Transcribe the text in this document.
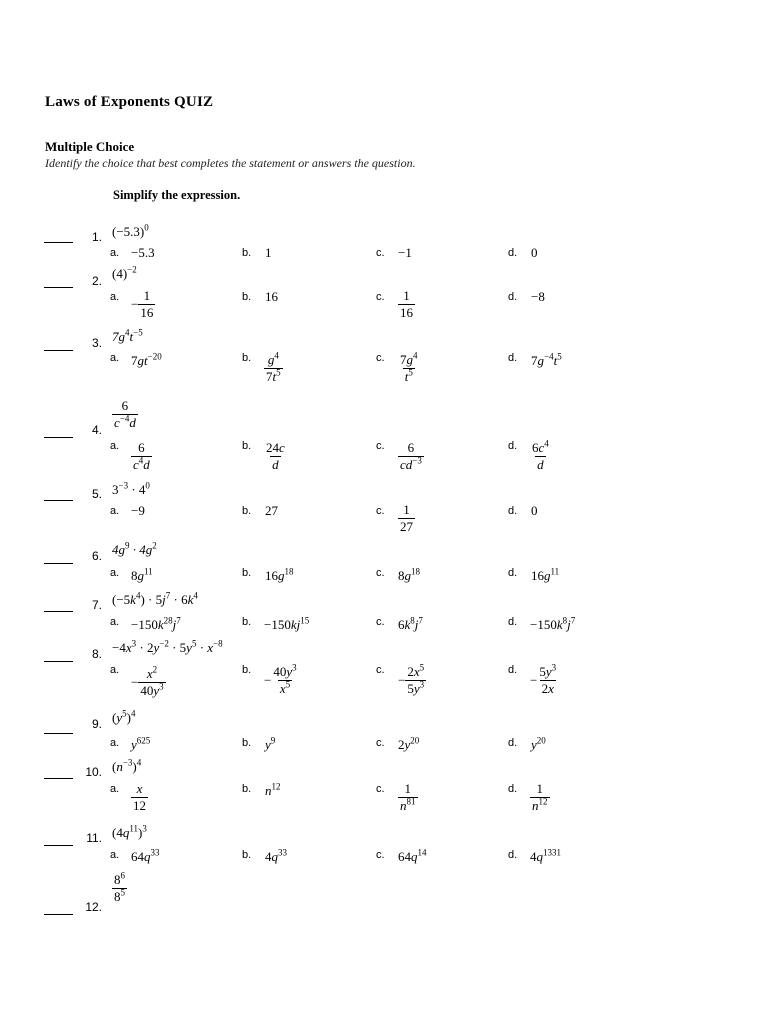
Laws of Exponents QUIZ
Multiple Choice
Identify the choice that best completes the statement or answers the question.
Simplify the expression.
1. $(-5.3)^0$
a. −5.3	b. 1	c. −1	d. 0
2. $(4)^{-2}$
a. − $\frac{1}{16}$	b. 16	c. $\frac{1}{16}$	d. −8
3. $7g^4t^{-5}$
a. $7gt^{-20}$	b. $\frac{g^4}{7t^5}$	c. $\frac{7g^4}{t^5}$	d. $7g^{-4}t^5$
4. $\frac{6}{c^{-4}d}$
a. $\frac{6}{c^4d}$	b. $\frac{24c}{d}$	c. $\frac{6}{cd^{-3}}$	d. $\frac{6c^4}{d}$
5. $3^{-3} \cdot 4^0$
a. −9	b. 27	c. $\frac{1}{27}$	d. 0
6. $4g^9 \cdot 4g^2$
a. $8g^{11}$	b. $16g^{18}$	c. $8g^{18}$	d. $16g^{11}$
7. $(-5k^4) \cdot 5j^7 \cdot 6k^4$
a. $-150k^{28}j^7$	b. $-150kj^{15}$	c. $6k^8j^7$	d. $-150k^8j^7$
8. $-4x^3 \cdot 2y^{-2} \cdot 5y^5 \cdot x^{-8}$
a.
− $\frac{x^2}{40y^3}$	b.
− $\frac{40y^3}{x^5}$	c.
− $\frac{2x^5}{5y^3}$	d.
− $\frac{5y^3}{2x}$
9. $(y^5)^4$
a. $y^{625}$	b. $y^9$	c. $2y^{20}$	d. $y^{20}$
10. $(n^{-3})^4$
a. $\frac{x}{12}$	b. $n^{12}$	c. $\frac{1}{n^{81}}$	d. $\frac{1}{n^{12}}$
11. $(4q^{11})^3$
a. $64q^{33}$	b. $4q^{33}$	c. $64q^{14}$	d. $4q^{1331}$
12.
$\frac{8^6}{8^5}$
